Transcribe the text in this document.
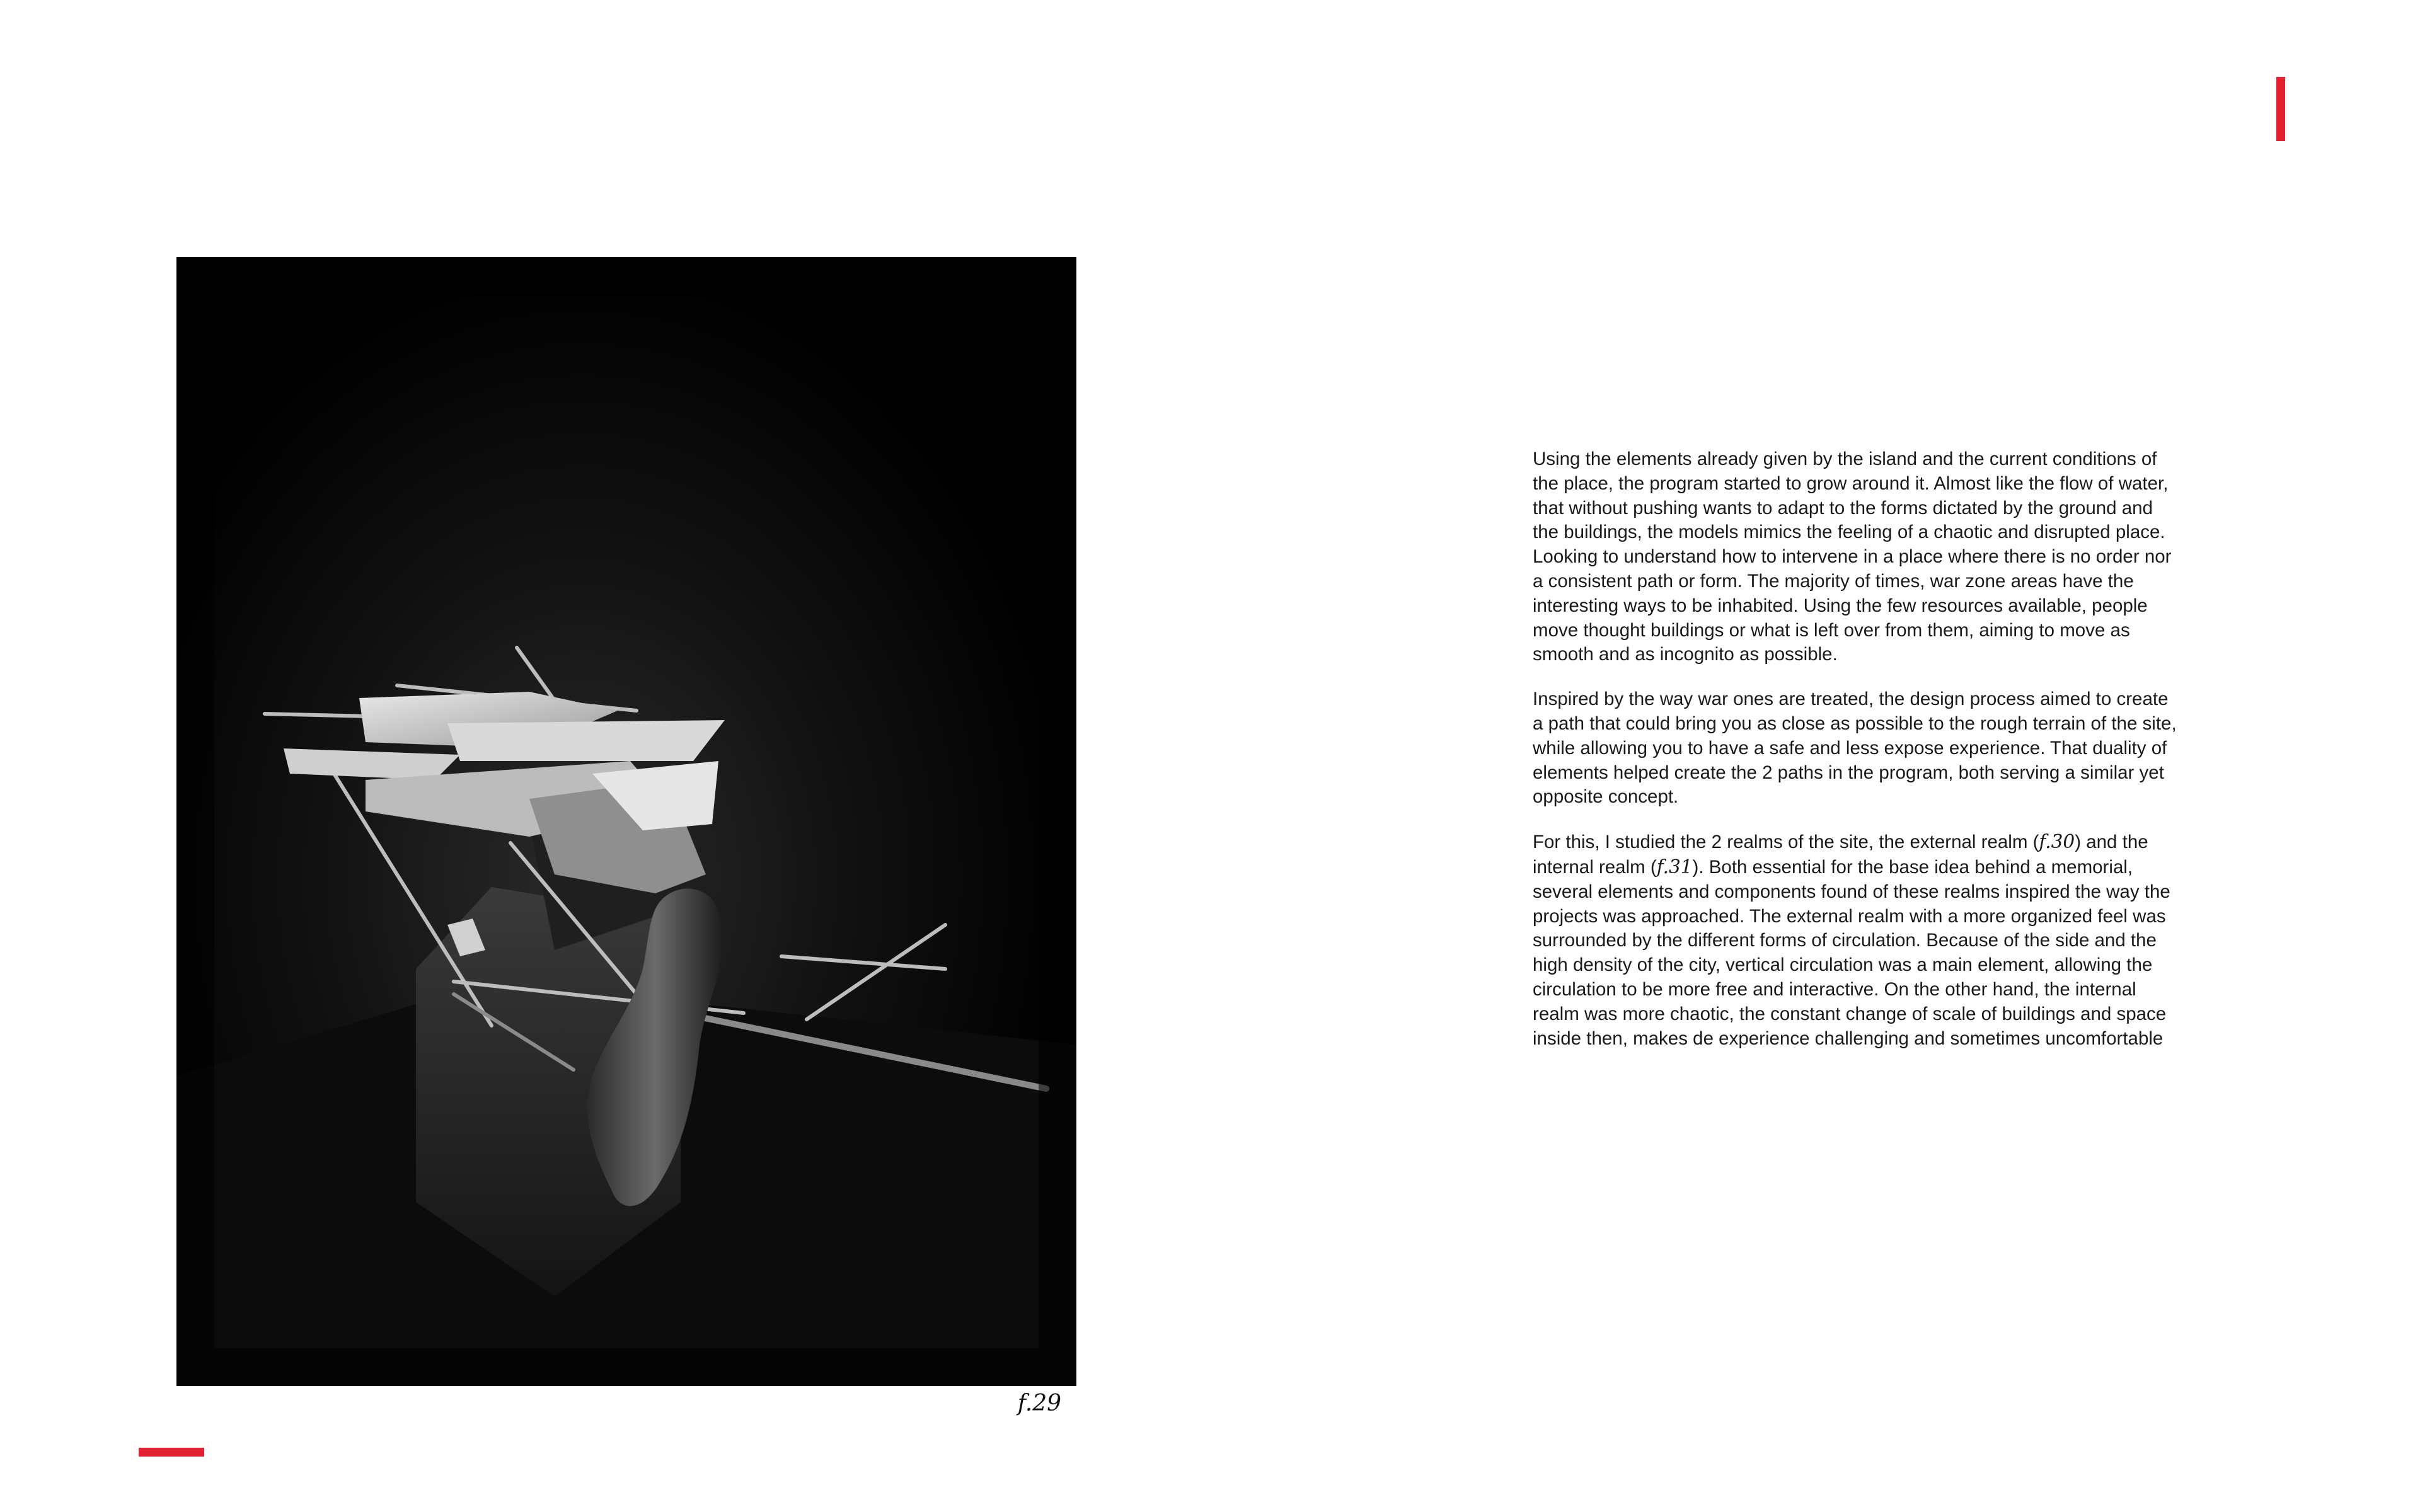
f.29

Using the elements already given by the island and the current conditions of the place, the program started to grow around it. Almost like the flow of water, that without pushing wants to adapt to the forms dictated by the ground and the buildings, the models mimics the feeling of a chaotic and disrupted place. Looking to understand how to intervene in a place where there is no order nor a consistent path or form. The majority of times, war zone areas have the interesting ways to be inhabited. Using the few resources available, people move thought buildings or what is left over from them, aiming to move as smooth and as incognito as possible.

Inspired by the way war ones are treated, the design process aimed to create a path that could bring you as close as possible to the rough terrain of the site, while allowing you to have a safe and less expose experience. That duality of elements helped create the 2 paths in the program, both serving a similar yet opposite concept.

For this, I studied the 2 realms of the site, the external realm (f.30) and the internal realm (f.31). Both essential for the base idea behind a memorial, several elements and components found of these realms inspired the way the projects was approached. The external realm with a more organized feel was surrounded by the different forms of circulation. Because of the side and the high density of the city, vertical circulation was a main element, allowing the circulation to be more free and interactive. On the other hand, the internal realm was more chaotic, the constant change of scale of buildings and space inside then, makes de experience challenging and sometimes uncomfortable
